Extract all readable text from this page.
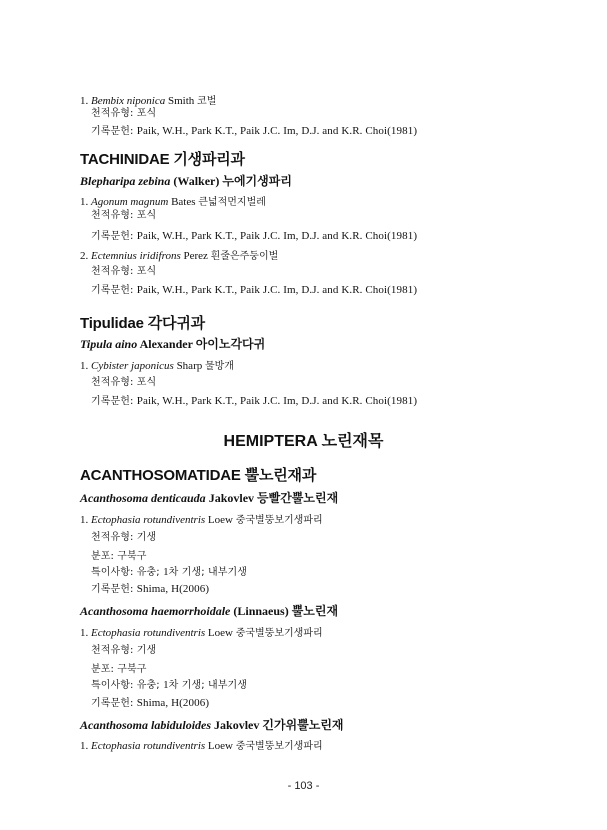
1. Bembix niponica Smith 코벌
천적유형: 포식
기록문헌: Paik, W.H., Park K.T., Paik J.C. Im, D.J. and K.R. Choi(1981)
TACHINIDAE 기생파리과
Blepharipa zebina (Walker) 누에기생파리
1. Agonum magnum Bates 큰넓적먼지벌레
천적유형: 포식
기록문헌: Paik, W.H., Park K.T., Paik J.C. Im, D.J. and K.R. Choi(1981)
2. Ectemnius iridifrons Perez 흰줄은주둥이벌
천적유형: 포식
기록문헌: Paik, W.H., Park K.T., Paik J.C. Im, D.J. and K.R. Choi(1981)
Tipulidae 각다귀과
Tipula aino Alexander 아이노각다귀
1. Cybister japonicus Sharp 물방개
천적유형: 포식
기록문헌: Paik, W.H., Park K.T., Paik J.C. Im, D.J. and K.R. Choi(1981)
HEMIPTERA 노린재목
ACANTHOSOMATIDAE 뿔노린재과
Acanthosoma denticauda Jakovlev 등빨간뿔노린재
1. Ectophasia rotundiventris Loew 중국별뚱보기생파리
천적유형: 기생
분포: 구북구
특이사항: 유충; 1차 기생; 내부기생
기록문헌: Shima, H(2006)
Acanthosoma haemorrhoidale (Linnaeus) 뿔노린재
1. Ectophasia rotundiventris Loew 중국별뚱보기생파리
천적유형: 기생
분포: 구북구
특이사항: 유충; 1차 기생; 내부기생
기록문헌: Shima, H(2006)
Acanthosoma labiduloides Jakovlev 긴가위뿔노린재
1. Ectophasia rotundiventris Loew 중국별뚱보기생파리
- 103 -
